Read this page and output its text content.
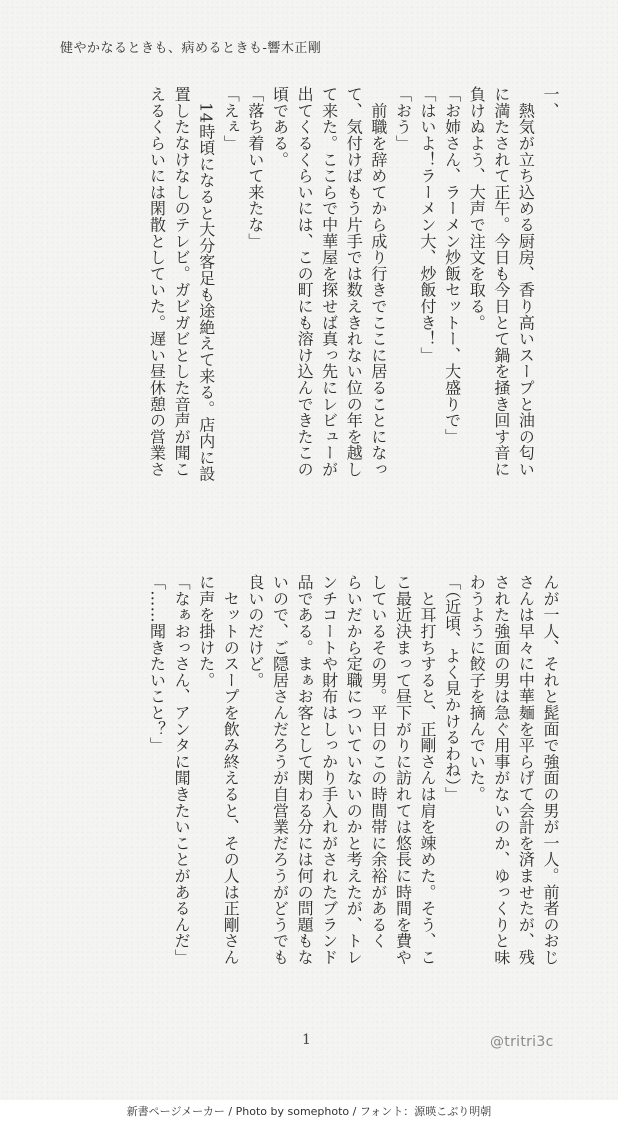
健やかなるときも、病めるときも-響木正剛

一、

　熱気が立ち込める厨房、香り高いスープと油の匂い

に満たされて正午。今日も今日とて鍋を掻き回す音に

負けぬよう、大声で注文を取る。

「お姉さん、ラーメン炒飯セットー、大盛りで」

「はいよ！ラーメン大、炒飯付き！」

「おう」

　前職を辞めてから成り行きでここに居ることになっ

て、気付けばもう片手では数えきれない位の年を越し

て来た。ここらで中華屋を探せば真っ先にレビューが

出てくるくらいには、この町にも溶け込んできたこの

頃である。

「落ち着いて来たな」

「えぇ」

　14時頃になると大分客足も途絶えて来る。店内に設

置したなけなしのテレビ。ガビガビとした音声が聞こ

えるくらいには閑散としていた。遅い昼休憩の営業さ

んが一人、それと髭面で強面の男が一人。前者のおじ

さんは早々に中華麺を平らげて会計を済ませたが、残

された強面の男は急ぐ用事がないのか、ゆっくりと味

わうように餃子を摘んでいた。

「（近頃、よく見かけるわね）」

　と耳打ちすると、正剛さんは肩を竦めた。そう、こ

こ最近決まって昼下がりに訪れては悠長に時間を費や

しているその男。平日のこの時間帯に余裕があるく

らいだから定職についていないのかと考えたが、トレ

ンチコートや財布はしっかり手入れがされたブランド

品である。まぁお客として関わる分には何の問題もな

いので、ご隠居さんだろうが自営業だろうがどうでも

良いのだけど。

　セットのスープを飲み終えると、その人は正剛さん

に声を掛けた。

「なぁおっさん、アンタに聞きたいことがあるんだ」

「……聞きたいこと？」

1	@tritri3c
新書ページメーカー / Photo by somephoto / フォント：源暎こぶり明朝
